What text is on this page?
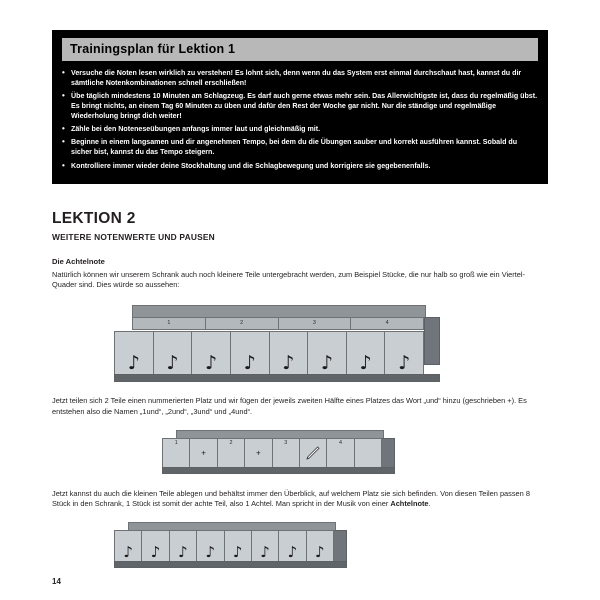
Trainingsplan für Lektion 1
• Versuche die Noten lesen wirklich zu verstehen! Es lohnt sich, denn wenn du das System erst einmal durchschaut hast, kannst du dir sämtliche Notenkombinationen schnell erschließen!
• Übe täglich mindestens 10 Minuten am Schlagzeug. Es darf auch gerne etwas mehr sein. Das Allerwichtigste ist, dass du regelmäßig übst. Es bringt nichts, an einem Tag 60 Minuten zu üben und dafür den Rest der Woche gar nicht. Nur die ständige und regelmäßige Wiederholung bringt dich weiter!
• Zähle bei den Noteneseübungen anfangs immer laut und gleichmäßig mit.
• Beginne in einem langsamen und dir angenehmen Tempo, bei dem du die Übungen sauber und korrekt ausführen kannst. Sobald du sicher bist, kannst du das Tempo steigern.
• Kontrolliere immer wieder deine Stockhaltung und die Schlagbewegung und korrigiere sie gegebenenfalls.
LEKTION 2
WEITERE NOTENWERTE UND PAUSEN
Die Achtelnote

Natürlich können wir unserem Schrank auch noch kleinere Teile untergebracht werden, zum Beispiel Stücke, die nur halb so groß wie ein Viertel-Quader sind. Dies würde so aussehen:

1	2	3	4
♪	♪	♪	♪	♪	♪	♪	♪

Jetzt teilen sich 2 Teile einen nummerierten Platz und wir fügen der jeweils zweiten Hälfte eines Platzes das Wort „und“ hinzu (geschrieben +). Es entstehen also die Namen „1und“, „2und“, „3und“ und „4und“.

1
+
2
+
3	4

Jetzt kannst du auch die kleinen Teile ablegen und behältst immer den Überblick, auf welchem Platz sie sich befinden. Von diesen Teilen passen 8 Stück in den Schrank, 1 Stück ist somit der achte Teil, also 1 Achtel. Man spricht in der Musik von einer Achtelnote.

♪	♪	♪	♪	♪	♪	♪	♪
14
